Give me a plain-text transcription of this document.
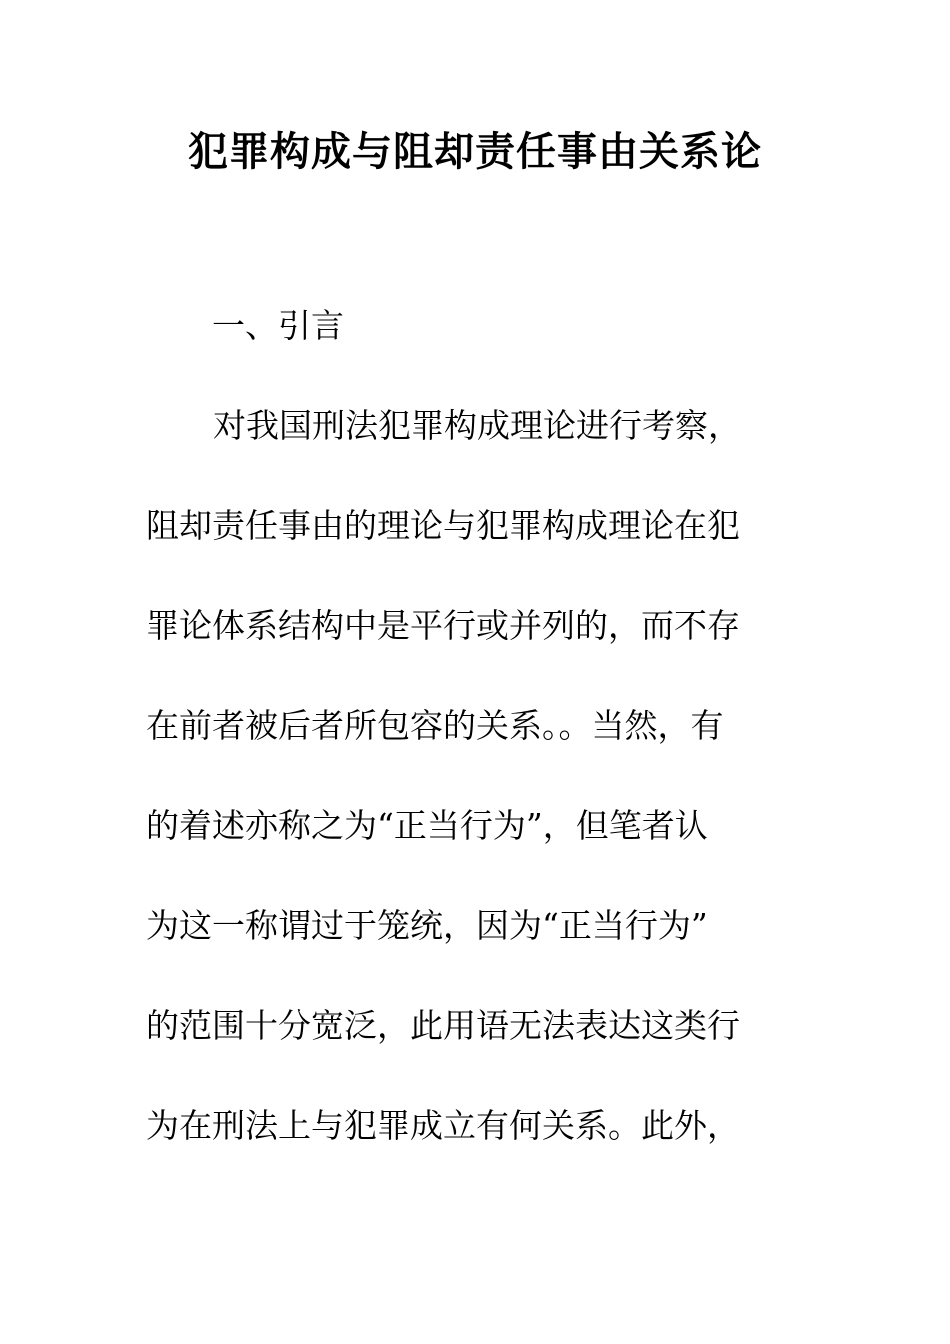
犯罪构成与阻却责任事由关系论
一、引言
对我国刑法犯罪构成理论进行考察，
阻却责任事由的理论与犯罪构成理论在犯
罪论体系结构中是平行或并列的，而不存
在前者被后者所包容的关系。。当然，有
的着述亦称之为“正当行为”，但笔者认
为这一称谓过于笼统，因为“正当行为”
的范围十分宽泛，此用语无法表达这类行
为在刑法上与犯罪成立有何关系。此外，
